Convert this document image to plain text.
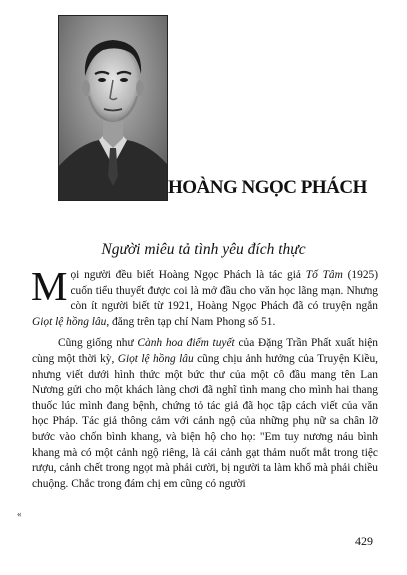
HOÀNG NGỌC PHÁCH
Người miêu tả tình yêu đích thực

Mọi người đều biết Hoàng Ngọc Phách là tác giả Tố Tâm (1925) cuốn tiểu thuyết được coi là mở đầu cho văn học lãng mạn. Nhưng còn ít người biết từ 1921, Hoàng Ngọc Phách đã có truyện ngắn Giọt lệ hồng lâu, đăng trên tạp chí Nam Phong số 51.

Cũng giống như Cành hoa điểm tuyết của Đặng Trần Phất xuất hiện cùng một thời kỳ, Giọt lệ hồng lâu cũng chịu ảnh hưởng của Truyện Kiều, nhưng viết dưới hình thức một bức thư của một cô đầu mang tên Lan Nương gửi cho một khách làng chơi đã nghĩ tình mang cho mình hai thang thuốc lúc mình đang bệnh, chứng tỏ tác giả đã học tập cách viết của văn học Pháp. Tác giả thông cảm với cảnh ngộ của những phụ nữ sa chân lỡ bước vào chốn bình khang, và biện hộ cho họ: "Em tuy nương náu bình khang mà có một cảnh ngộ riêng, là cái cảnh gạt thảm nuốt mắt trong tiệc rượu, cảnh chết trong ngọt mà phải cười, bị người ta làm khổ mà phải chiều chuộng. Chắc trong đám chị em cũng có người

«
429
